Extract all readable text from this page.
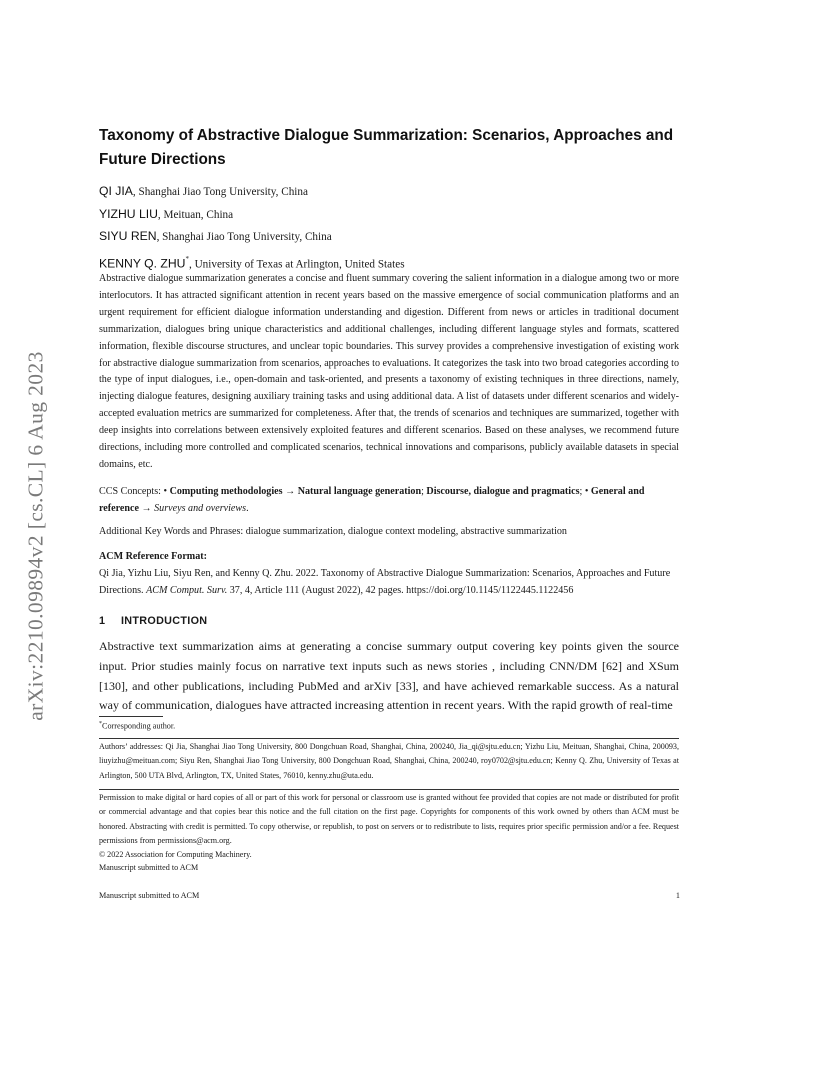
arXiv:2210.09894v2 [cs.CL] 6 Aug 2023
Taxonomy of Abstractive Dialogue Summarization: Scenarios, Approaches and
Future Directions
QI JIA, Shanghai Jiao Tong University, China
YIZHU LIU, Meituan, China
SIYU REN, Shanghai Jiao Tong University, China
KENNY Q. ZHU*, University of Texas at Arlington, United States

Abstractive dialogue summarization generates a concise and fluent summary covering the salient information in a dialogue among two or more interlocutors. It has attracted significant attention in recent years based on the massive emergence of social communication platforms and an urgent requirement for efficient dialogue information understanding and digestion. Different from news or articles in traditional document summarization, dialogues bring unique characteristics and additional challenges, including different language styles and formats, scattered information, flexible discourse structures, and unclear topic boundaries. This survey provides a comprehensive investigation of existing work for abstractive dialogue summarization from scenarios, approaches to evaluations. It categorizes the task into two broad categories according to the type of input dialogues, i.e., open-domain and task-oriented, and presents a taxonomy of existing techniques in three directions, namely, injecting dialogue features, designing auxiliary training tasks and using additional data. A list of datasets under different scenarios and widely-accepted evaluation metrics are summarized for completeness. After that, the trends of scenarios and techniques are summarized, together with deep insights into correlations between extensively exploited features and different scenarios. Based on these analyses, we recommend future directions, including more controlled and complicated scenarios, technical innovations and comparisons, publicly available datasets in special domains, etc.

CCS Concepts: • Computing methodologies → Natural language generation; Discourse, dialogue and pragmatics; • General and reference → Surveys and overviews.

Additional Key Words and Phrases: dialogue summarization, dialogue context modeling, abstractive summarization

ACM Reference Format:

Qi Jia, Yizhu Liu, Siyu Ren, and Kenny Q. Zhu. 2022. Taxonomy of Abstractive Dialogue Summarization: Scenarios, Approaches and Future Directions. ACM Comput. Surv. 37, 4, Article 111 (August 2022), 42 pages. https://doi.org/10.1145/1122445.1122456

1 INTRODUCTION

Abstractive text summarization aims at generating a concise summary output covering key points given the source input. Prior studies mainly focus on narrative text inputs such as news stories , including CNN/DM [62] and XSum [130], and other publications, including PubMed and arXiv [33], and have achieved remarkable success. As a natural way of communication, dialogues have attracted increasing attention in recent years. With the rapid growth of real-time

*Corresponding author.

Authors’ addresses: Qi Jia, Shanghai Jiao Tong University, 800 Dongchuan Road, Shanghai, China, 200240, Jia_qi@sjtu.edu.cn; Yizhu Liu, Meituan, Shanghai, China, 200093, liuyizhu@meituan.com; Siyu Ren, Shanghai Jiao Tong University, 800 Dongchuan Road, Shanghai, China, 200240, roy0702@sjtu.edu.cn; Kenny Q. Zhu, University of Texas at Arlington, 500 UTA Blvd, Arlington, TX, United States, 76010, kenny.zhu@uta.edu.

Permission to make digital or hard copies of all or part of this work for personal or classroom use is granted without fee provided that copies are not made or distributed for profit or commercial advantage and that copies bear this notice and the full citation on the first page. Copyrights for components of this work owned by others than ACM must be honored. Abstracting with credit is permitted. To copy otherwise, or republish, to post on servers or to redistribute to lists, requires prior specific permission and/or a fee. Request permissions from permissions@acm.org.

© 2022 Association for Computing Machinery.

Manuscript submitted to ACM

Manuscript submitted to ACM	1
